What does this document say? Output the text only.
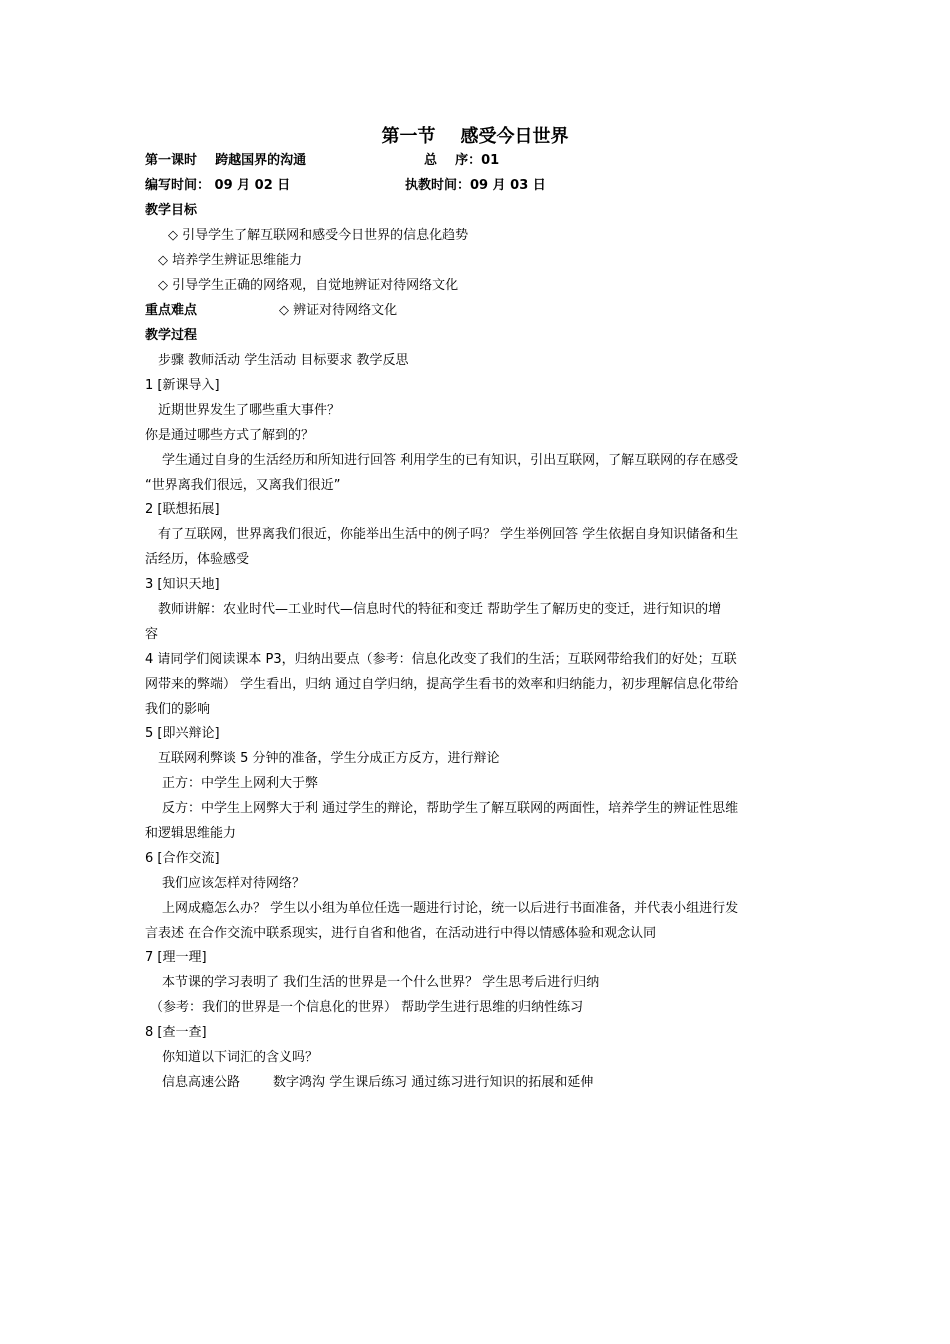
第一节    感受今日世界
第一课时    跨越国界的沟通	总    序：01
编写时间： 09 月 02 日	执教时间：09 月 03 日
教学目标
◇ 引导学生了解互联网和感受今日世界的信息化趋势
◇ 培养学生辨证思维能力
◇ 引导学生正确的网络观，自觉地辨证对待网络文化
重点难点	◇ 辨证对待网络文化
教学过程
步骤 教师活动 学生活动 目标要求 教学反思
1 [新课导入]
近期世界发生了哪些重大事件？
你是通过哪些方式了解到的？
学生通过自身的生活经历和所知进行回答 利用学生的已有知识，引出互联网，了解互联网的存在感受
“世界离我们很远，又离我们很近”
2 [联想拓展]
有了互联网，世界离我们很近，你能举出生活中的例子吗？ 学生举例回答 学生依据自身知识储备和生
活经历，体验感受
3 [知识天地]
教师讲解：农业时代—工业时代—信息时代的特征和变迁 帮助学生了解历史的变迁，进行知识的增
容
4 请同学们阅读课本 P3，归纳出要点（参考：信息化改变了我们的生活；互联网带给我们的好处；互联
网带来的弊端） 学生看出，归纳 通过自学归纳，提高学生看书的效率和归纳能力，初步理解信息化带给
我们的影响
5 [即兴辩论]
互联网利弊谈 5 分钟的准备，学生分成正方反方，进行辩论
正方：中学生上网利大于弊
反方：中学生上网弊大于利 通过学生的辩论，帮助学生了解互联网的两面性，培养学生的辨证性思维
和逻辑思维能力
6 [合作交流]
我们应该怎样对待网络？
上网成瘾怎么办？ 学生以小组为单位任选一题进行讨论，统一以后进行书面准备，并代表小组进行发
言表述 在合作交流中联系现实，进行自省和他省，在活动进行中得以情感体验和观念认同
7 [理一理]
本节课的学习表明了 我们生活的世界是一个什么世界？ 学生思考后进行归纳
（参考：我们的世界是一个信息化的世界） 帮助学生进行思维的归纳性练习
8 [查一查]
你知道以下词汇的含义吗？
信息高速公路        数字鸿沟 学生课后练习 通过练习进行知识的拓展和延伸
